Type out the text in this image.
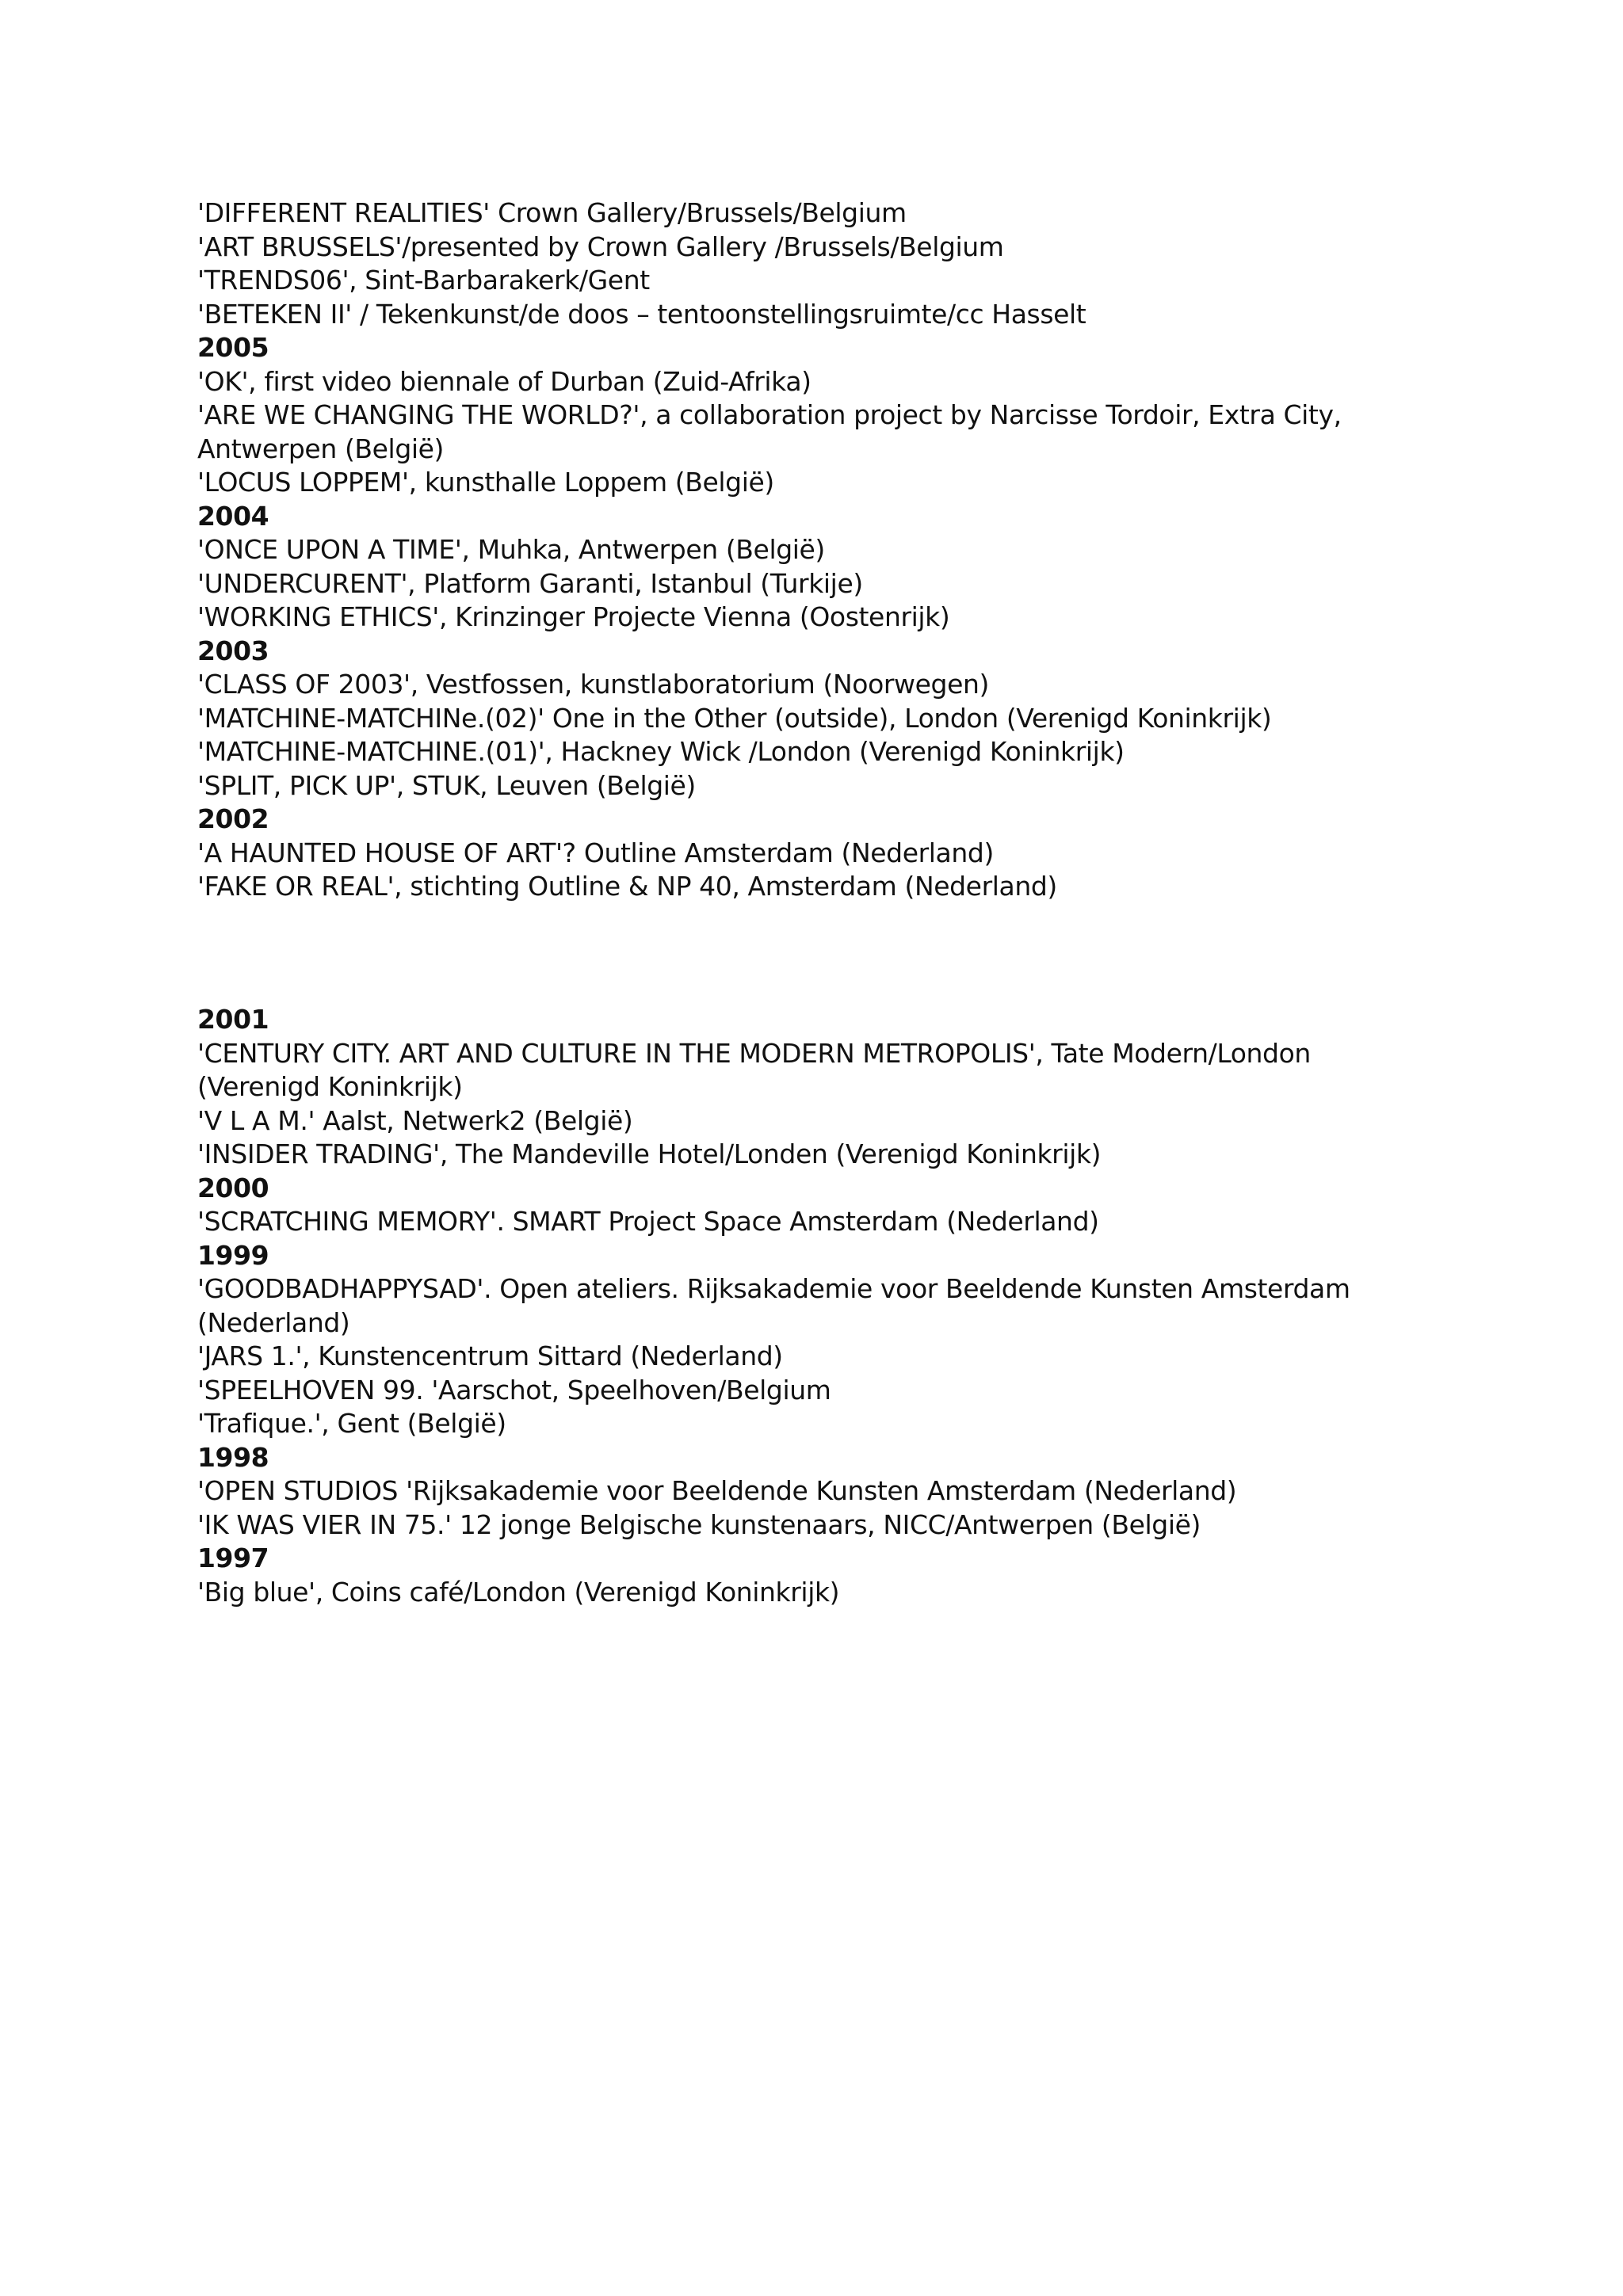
'DIFFERENT REALITIES' Crown Gallery/Brussels/Belgium
'ART BRUSSELS'/presented by Crown Gallery /Brussels/Belgium
'TRENDS06', Sint-Barbarakerk/Gent
'BETEKEN II' / Tekenkunst/de doos – tentoonstellingsruimte/cc Hasselt
2005
'OK', first video biennale of Durban (Zuid-Afrika)
'ARE WE CHANGING THE WORLD?', a collaboration project by Narcisse Tordoir, Extra City,
Antwerpen (België)
'LOCUS LOPPEM', kunsthalle Loppem (België)
2004
'ONCE UPON A TIME', Muhka, Antwerpen (België)
'UNDERCURENT', Platform Garanti, Istanbul (Turkije)
'WORKING ETHICS', Krinzinger Projecte Vienna (Oostenrijk)
2003
'CLASS OF 2003', Vestfossen, kunstlaboratorium (Noorwegen)
'MATCHINE-MATCHINe.(02)' One in the Other (outside), London (Verenigd Koninkrijk)
'MATCHINE-MATCHINE.(01)', Hackney Wick /London (Verenigd Koninkrijk)
'SPLIT, PICK UP', STUK, Leuven (België)
2002
'A HAUNTED HOUSE OF ART'? Outline Amsterdam (Nederland)
'FAKE OR REAL', stichting Outline & NP 40, Amsterdam (Nederland)
2001
'CENTURY CITY. ART AND CULTURE IN THE MODERN METROPOLIS', Tate Modern/London
(Verenigd Koninkrijk)
'V L A M.' Aalst, Netwerk2 (België)
'INSIDER TRADING', The Mandeville Hotel/Londen (Verenigd Koninkrijk)
2000
'SCRATCHING MEMORY'. SMART Project Space Amsterdam (Nederland)
1999
'GOODBADHAPPYSAD'. Open ateliers. Rijksakademie voor Beeldende Kunsten Amsterdam
(Nederland)
'JARS 1.', Kunstencentrum Sittard (Nederland)
'SPEELHOVEN 99. 'Aarschot, Speelhoven/Belgium
'Trafique.', Gent (België)
1998
'OPEN STUDIOS 'Rijksakademie voor Beeldende Kunsten Amsterdam (Nederland)
'IK WAS VIER IN 75.' 12 jonge Belgische kunstenaars, NICC/Antwerpen (België)
1997
'Big blue', Coins café/London (Verenigd Koninkrijk)
